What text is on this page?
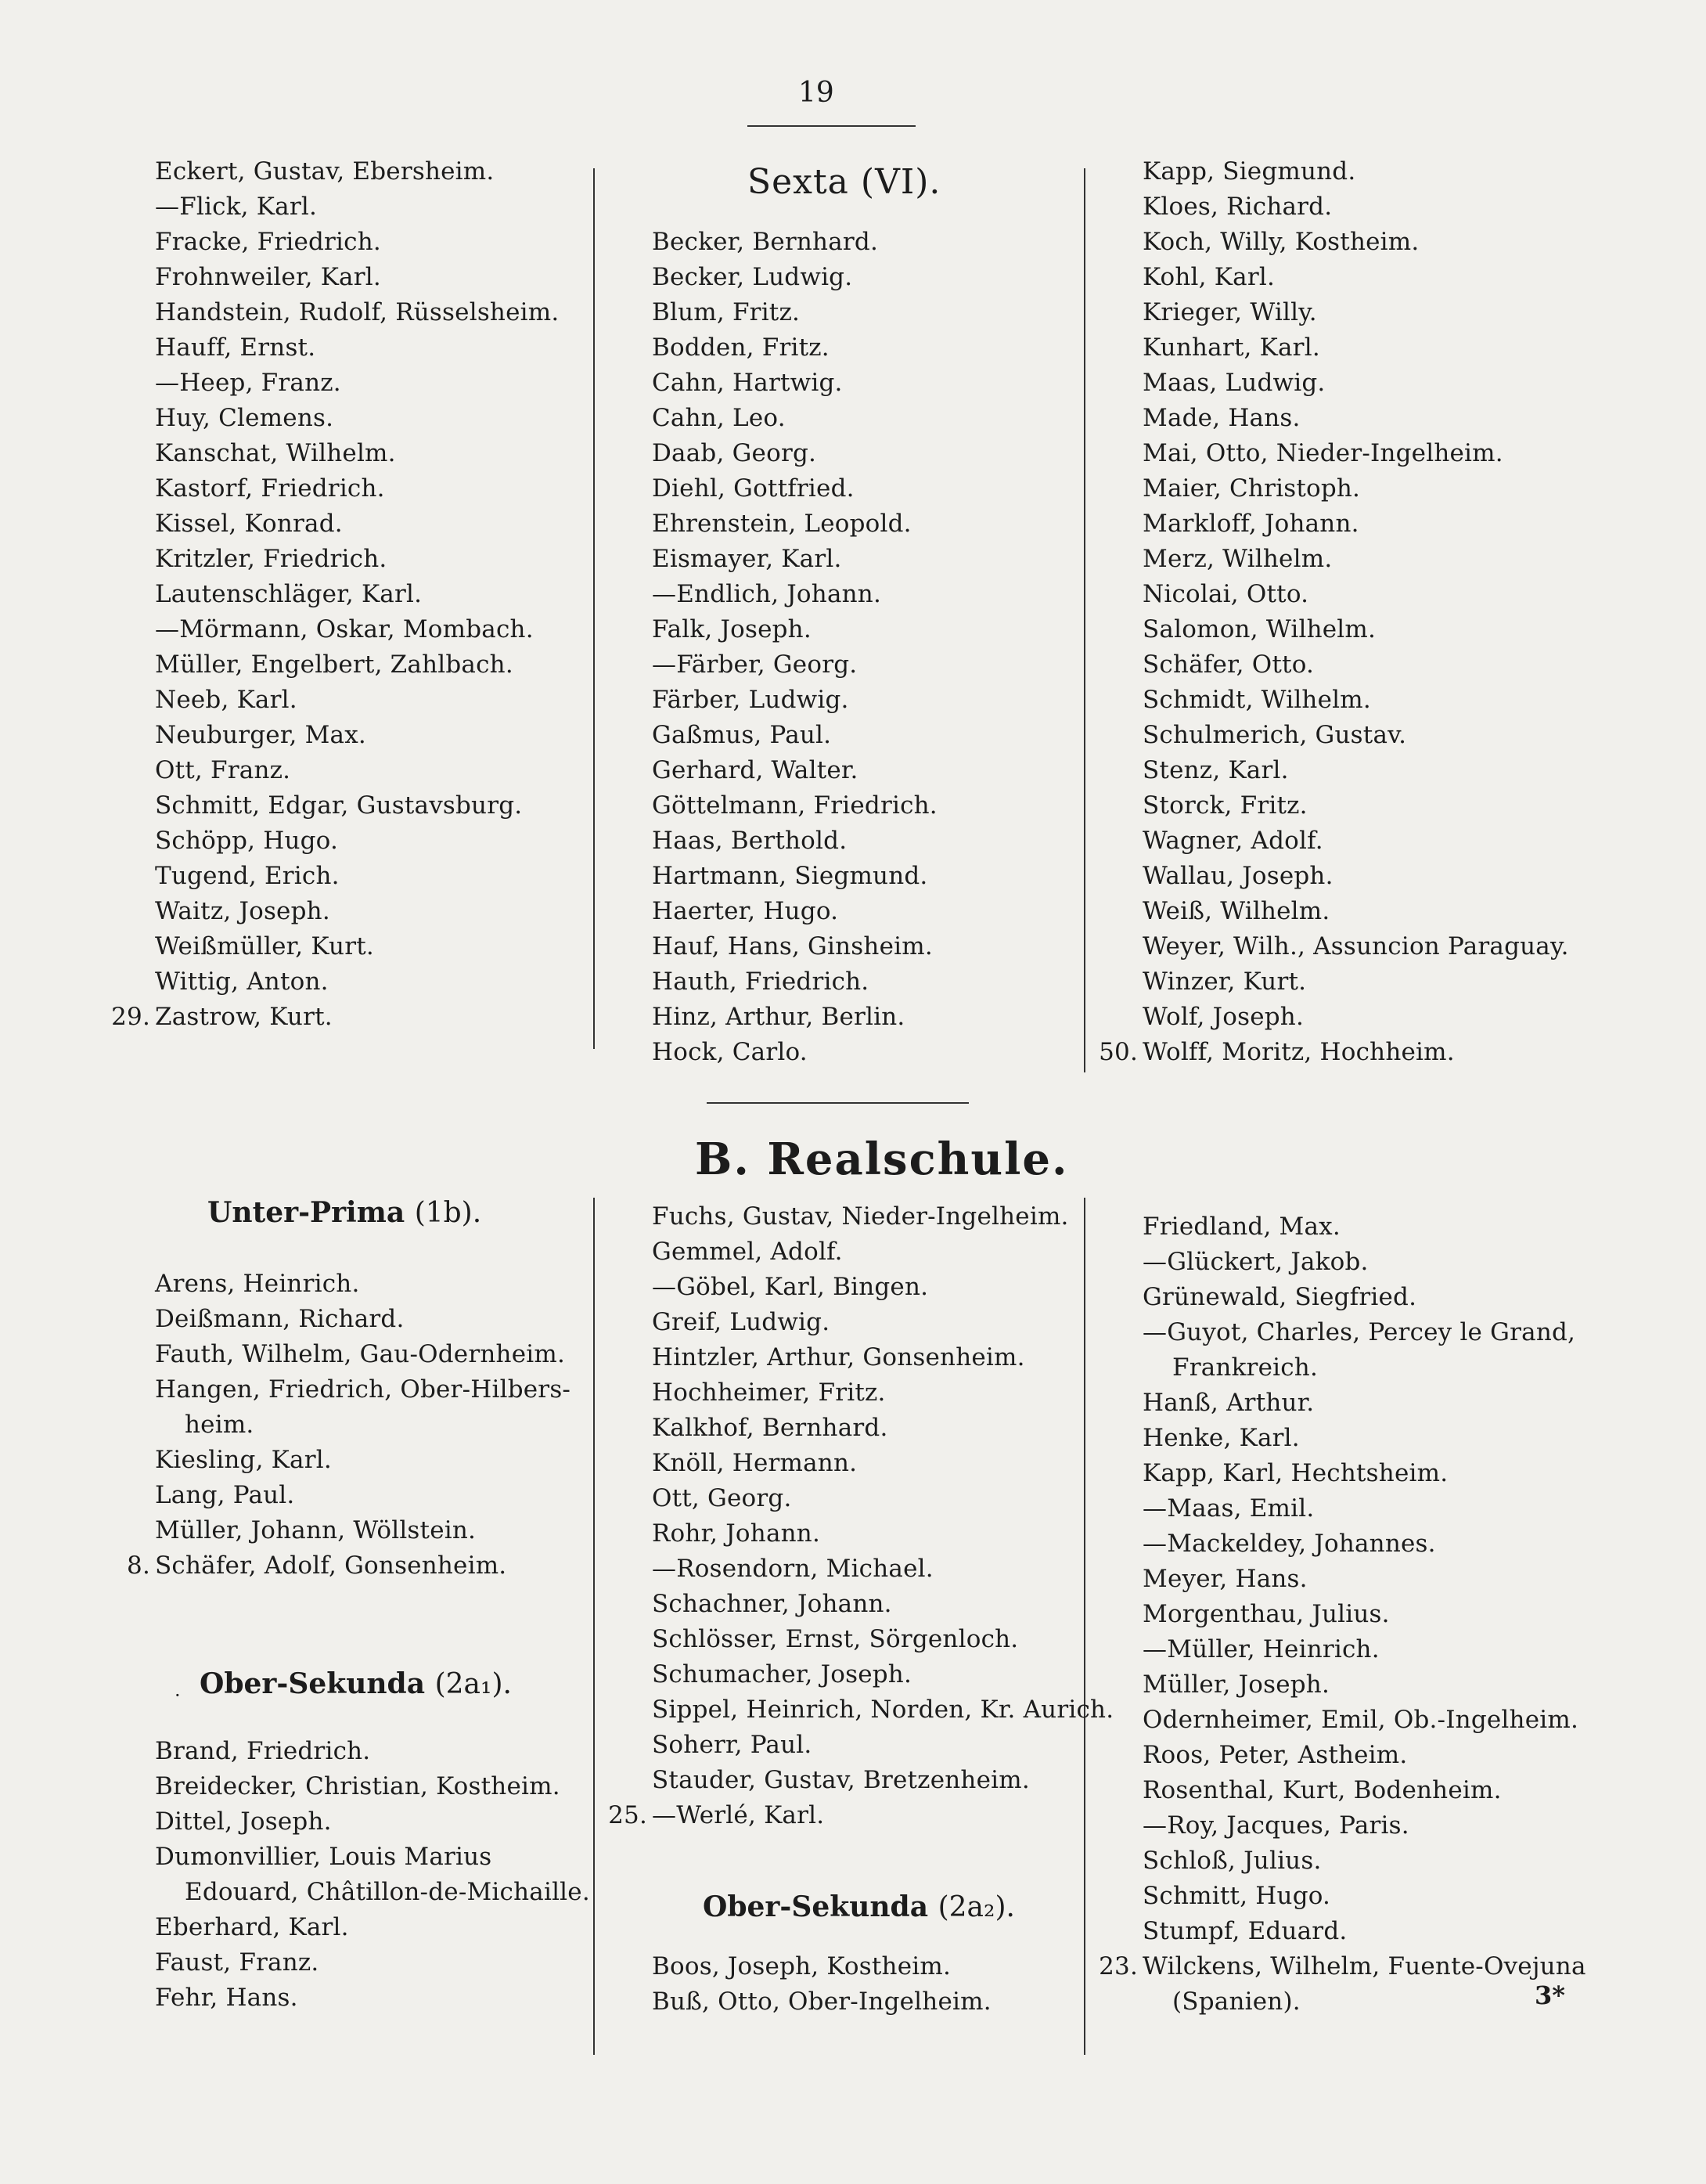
19
Eckert, Gustav, Ebersheim.
—Flick, Karl.
Fracke, Friedrich.
Frohnweiler, Karl.
Handstein, Rudolf, Rüsselsheim.
Hauff, Ernst.
—Heep, Franz.
Huy, Clemens.
Kanschat, Wilhelm.
Kastorf, Friedrich.
Kissel, Konrad.
Kritzler, Friedrich.
Lautenschläger, Karl.
—Mörmann, Oskar, Mombach.
Müller, Engelbert, Zahlbach.
Neeb, Karl.
Neuburger, Max.
Ott, Franz.
Schmitt, Edgar, Gustavsburg.
Schöpp, Hugo.
Tugend, Erich.
Waitz, Joseph.
Weißmüller, Kurt.
Wittig, Anton.
29. Zastrow, Kurt.
Unter-Prima (1b).
Arens, Heinrich.
Deißmann, Richard.
Fauth, Wilhelm, Gau-Odernheim.
Hangen, Friedrich, Ober-Hilbers-
heim.
Kiesling, Karl.
Lang, Paul.
Müller, Johann, Wöllstein.
8. Schäfer, Adolf, Gonsenheim.
· Ober-Sekunda (2a₁).
Brand, Friedrich.
Breidecker, Christian, Kostheim.
Dittel, Joseph.
Dumonvillier, Louis Marius
Edouard, Châtillon-de-Michaille.
Eberhard, Karl.
Faust, Franz.
Fehr, Hans.
Sexta (VI).
Becker, Bernhard.
Becker, Ludwig.
Blum, Fritz.
Bodden, Fritz.
Cahn, Hartwig.
Cahn, Leo.
Daab, Georg.
Diehl, Gottfried.
Ehrenstein, Leopold.
Eismayer, Karl.
—Endlich, Johann.
Falk, Joseph.
—Färber, Georg.
Färber, Ludwig.
Gaßmus, Paul.
Gerhard, Walter.
Göttelmann, Friedrich.
Haas, Berthold.
Hartmann, Siegmund.
Haerter, Hugo.
Hauf, Hans, Ginsheim.
Hauth, Friedrich.
Hinz, Arthur, Berlin.
Hock, Carlo.
B. Realschule.
Fuchs, Gustav, Nieder-Ingelheim.
Gemmel, Adolf.
—Göbel, Karl, Bingen.
Greif, Ludwig.
Hintzler, Arthur, Gonsenheim.
Hochheimer, Fritz.
Kalkhof, Bernhard.
Knöll, Hermann.
Ott, Georg.
Rohr, Johann.
—Rosendorn, Michael.
Schachner, Johann.
Schlösser, Ernst, Sörgenloch.
Schumacher, Joseph.
Sippel, Heinrich, Norden, Kr. Aurich.
Soherr, Paul.
Stauder, Gustav, Bretzenheim.
25. —Werlé, Karl.
Ober-Sekunda (2a₂).
Boos, Joseph, Kostheim.
Buß, Otto, Ober-Ingelheim.
Kapp, Siegmund.
Kloes, Richard.
Koch, Willy, Kostheim.
Kohl, Karl.
Krieger, Willy.
Kunhart, Karl.
Maas, Ludwig.
Made, Hans.
Mai, Otto, Nieder-Ingelheim.
Maier, Christoph.
Markloff, Johann.
Merz, Wilhelm.
Nicolai, Otto.
Salomon, Wilhelm.
Schäfer, Otto.
Schmidt, Wilhelm.
Schulmerich, Gustav.
Stenz, Karl.
Storck, Fritz.
Wagner, Adolf.
Wallau, Joseph.
Weiß, Wilhelm.
Weyer, Wilh., Assuncion Paraguay.
Winzer, Kurt.
Wolf, Joseph.
50. Wolff, Moritz, Hochheim.
Friedland, Max.
—Glückert, Jakob.
Grünewald, Siegfried.
—Guyot, Charles, Percey le Grand,
Frankreich.
Hanß, Arthur.
Henke, Karl.
Kapp, Karl, Hechtsheim.
—Maas, Emil.
—Mackeldey, Johannes.
Meyer, Hans.
Morgenthau, Julius.
—Müller, Heinrich.
Müller, Joseph.
Odernheimer, Emil, Ob.-Ingelheim.
Roos, Peter, Astheim.
Rosenthal, Kurt, Bodenheim.
—Roy, Jacques, Paris.
Schloß, Julius.
Schmitt, Hugo.
Stumpf, Eduard.
23. Wilckens, Wilhelm, Fuente-Ovejuna
(Spanien).	3*
